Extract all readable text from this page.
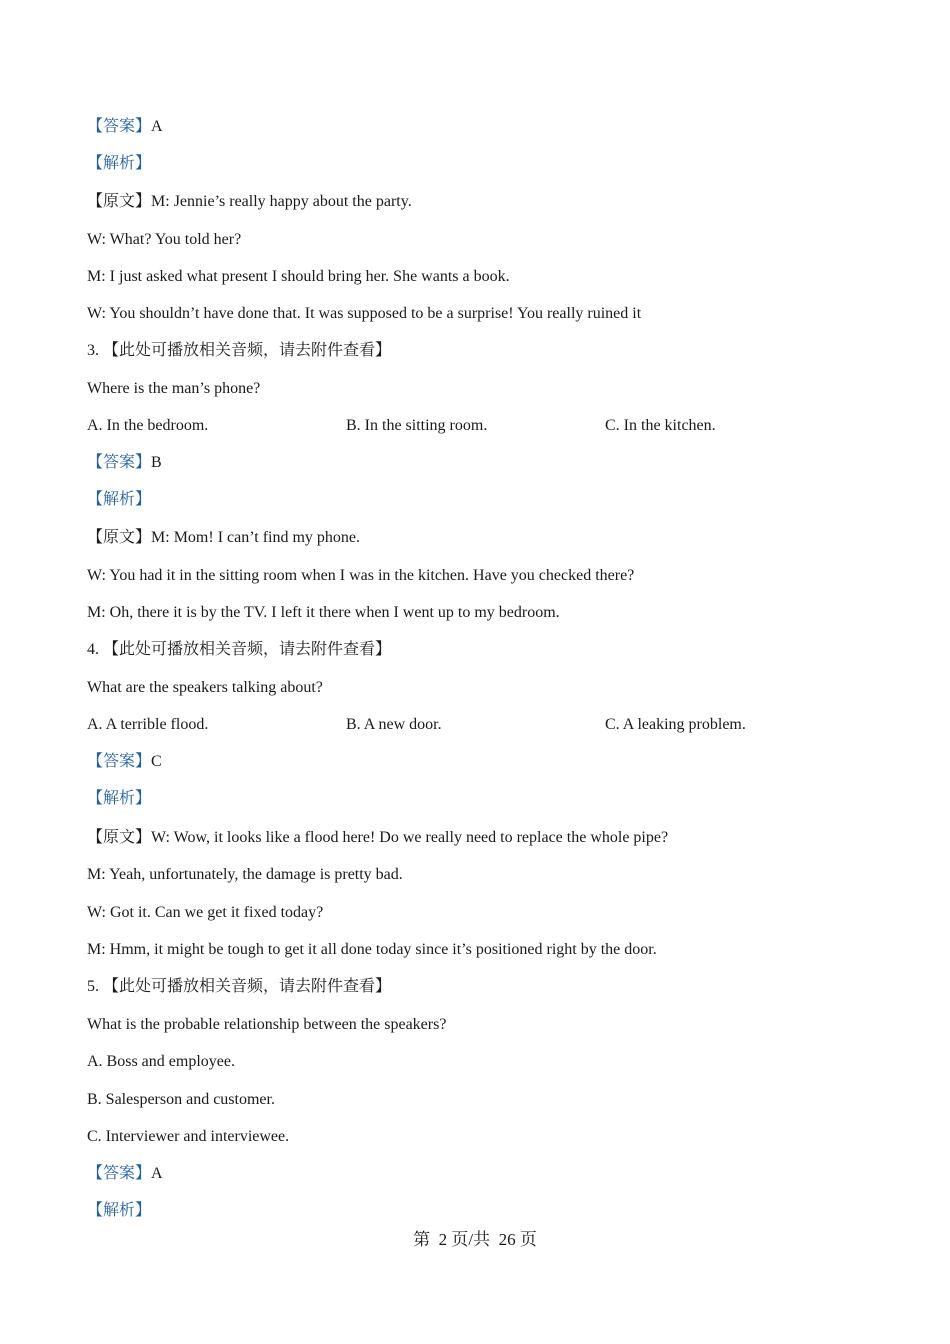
【答案】A
【解析】
【原文】M: Jennie’s really happy about the party.
W: What? You told her?
M: I just asked what present I should bring her. She wants a book.
W: You shouldn’t have done that. It was supposed to be a surprise! You really ruined it
3. 【此处可播放相关音频，请去附件查看】
Where is the man’s phone?
A. In the bedroom.	B. In the sitting room.	C. In the kitchen.
【答案】B
【解析】
【原文】M: Mom! I can’t find my phone.
W: You had it in the sitting room when I was in the kitchen. Have you checked there?
M: Oh, there it is by the TV. I left it there when I went up to my bedroom.
4. 【此处可播放相关音频，请去附件查看】
What are the speakers talking about?
A. A terrible flood.	B. A new door.	C. A leaking problem.
【答案】C
【解析】
【原文】W: Wow, it looks like a flood here! Do we really need to replace the whole pipe?
M: Yeah, unfortunately, the damage is pretty bad.
W: Got it. Can we get it fixed today?
M: Hmm, it might be tough to get it all done today since it’s positioned right by the door.
5. 【此处可播放相关音频，请去附件查看】
What is the probable relationship between the speakers?
A. Boss and employee.
B. Salesperson and customer.
C. Interviewer and interviewee.
【答案】A
【解析】
第  2 页/共  26 页
